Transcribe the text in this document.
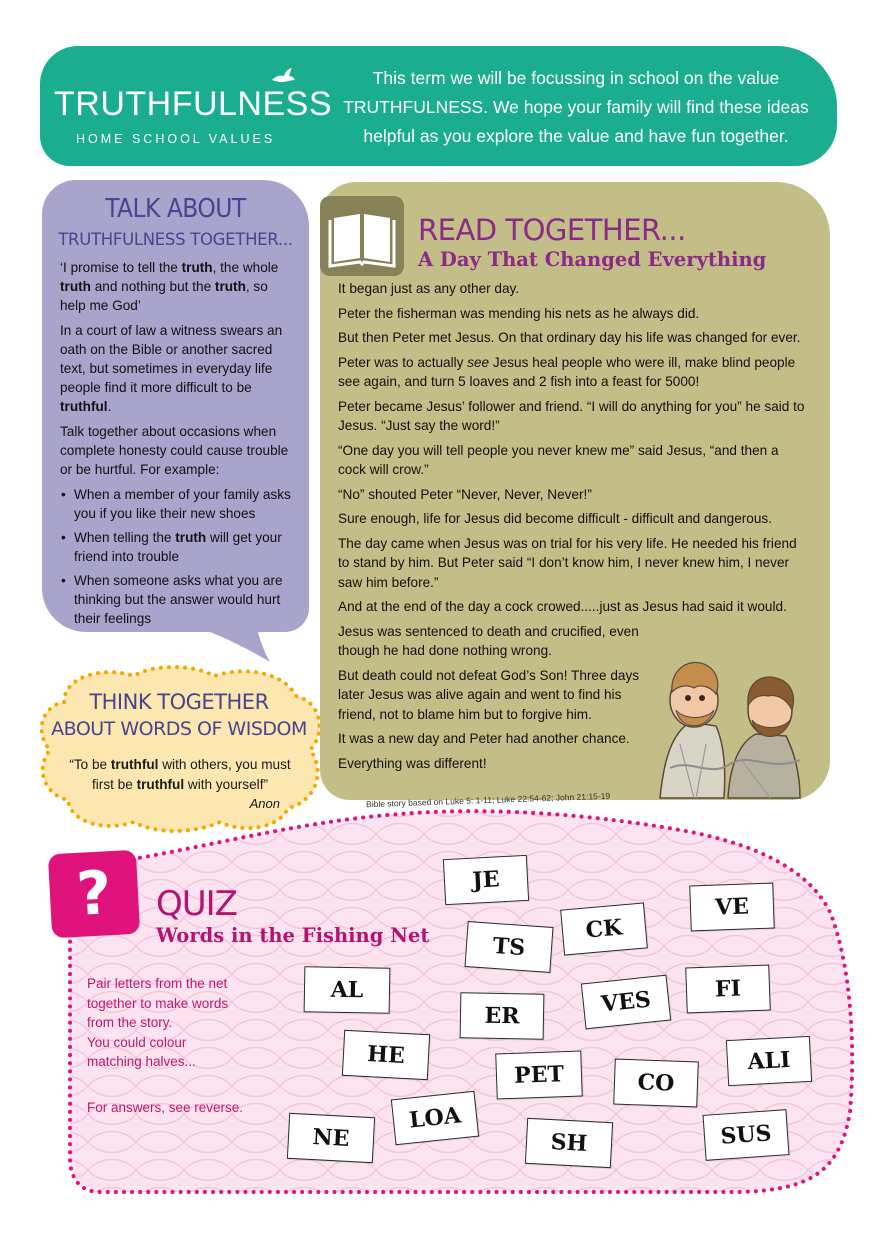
TRUTHFULNESS
HOME SCHOOL VALUES
This term we will be focussing in school on the value
TRUTHFULNESS. We hope your family will find these ideas
helpful as you explore the value and have fun together.
TALK ABOUT
TRUTHFULNESS TOGETHER...

‘I promise to tell the truth, the whole truth and nothing but the truth, so help me God’

In a court of law a witness swears an oath on the Bible or another sacred text, but sometimes in everyday life people find it more difficult to be truthful.

Talk together about occasions when complete honesty could cause trouble or be hurtful. For example:

• When a member of your family asks you if you like their new shoes
• When telling the truth will get your friend into trouble
• When someone asks what you are thinking but the answer would hurt their feelings
THINK TOGETHER
ABOUT WORDS OF WISDOM
“To be truthful with others, you must first be truthful with yourself”
Anon
READ TOGETHER...
A Day That Changed Everything

It began just as any other day.

Peter the fisherman was mending his nets as he always did.

But then Peter met Jesus. On that ordinary day his life was changed for ever.

Peter was to actually see Jesus heal people who were ill, make blind people see again, and turn 5 loaves and 2 fish into a feast for 5000!

Peter became Jesus’ follower and friend. “I will do anything for you” he said to Jesus. “Just say the word!”

“One day you will tell people you never knew me” said Jesus, “and then a cock will crow.”

“No” shouted Peter “Never, Never, Never!”

Sure enough, life for Jesus did become difficult - difficult and dangerous.

The day came when Jesus was on trial for his very life. He needed his friend to stand by him. But Peter said “I don’t know him, I never knew him, I never saw him before.”

And at the end of the day a cock crowed.....just as Jesus had said it would.

Jesus was sentenced to death and crucified, even though he had done nothing wrong.

But death could not defeat God’s Son! Three days later Jesus was alive again and went to find his friend, not to blame him but to forgive him.

It was a new day and Peter had another chance.

Everything was different!

Bible story based on Luke 5: 1-11; Luke 22:54-62; John 21:15-19
?	QUIZ
Words in the Fishing Net
Pair letters from the net
together to make words
from the story.
You could colour
matching halves...
For answers, see reverse.
JE
VE
CK
TS
AL	FI
VES
ER
HE	ALI
PET	CO
LOA
NE	SH	SUS
